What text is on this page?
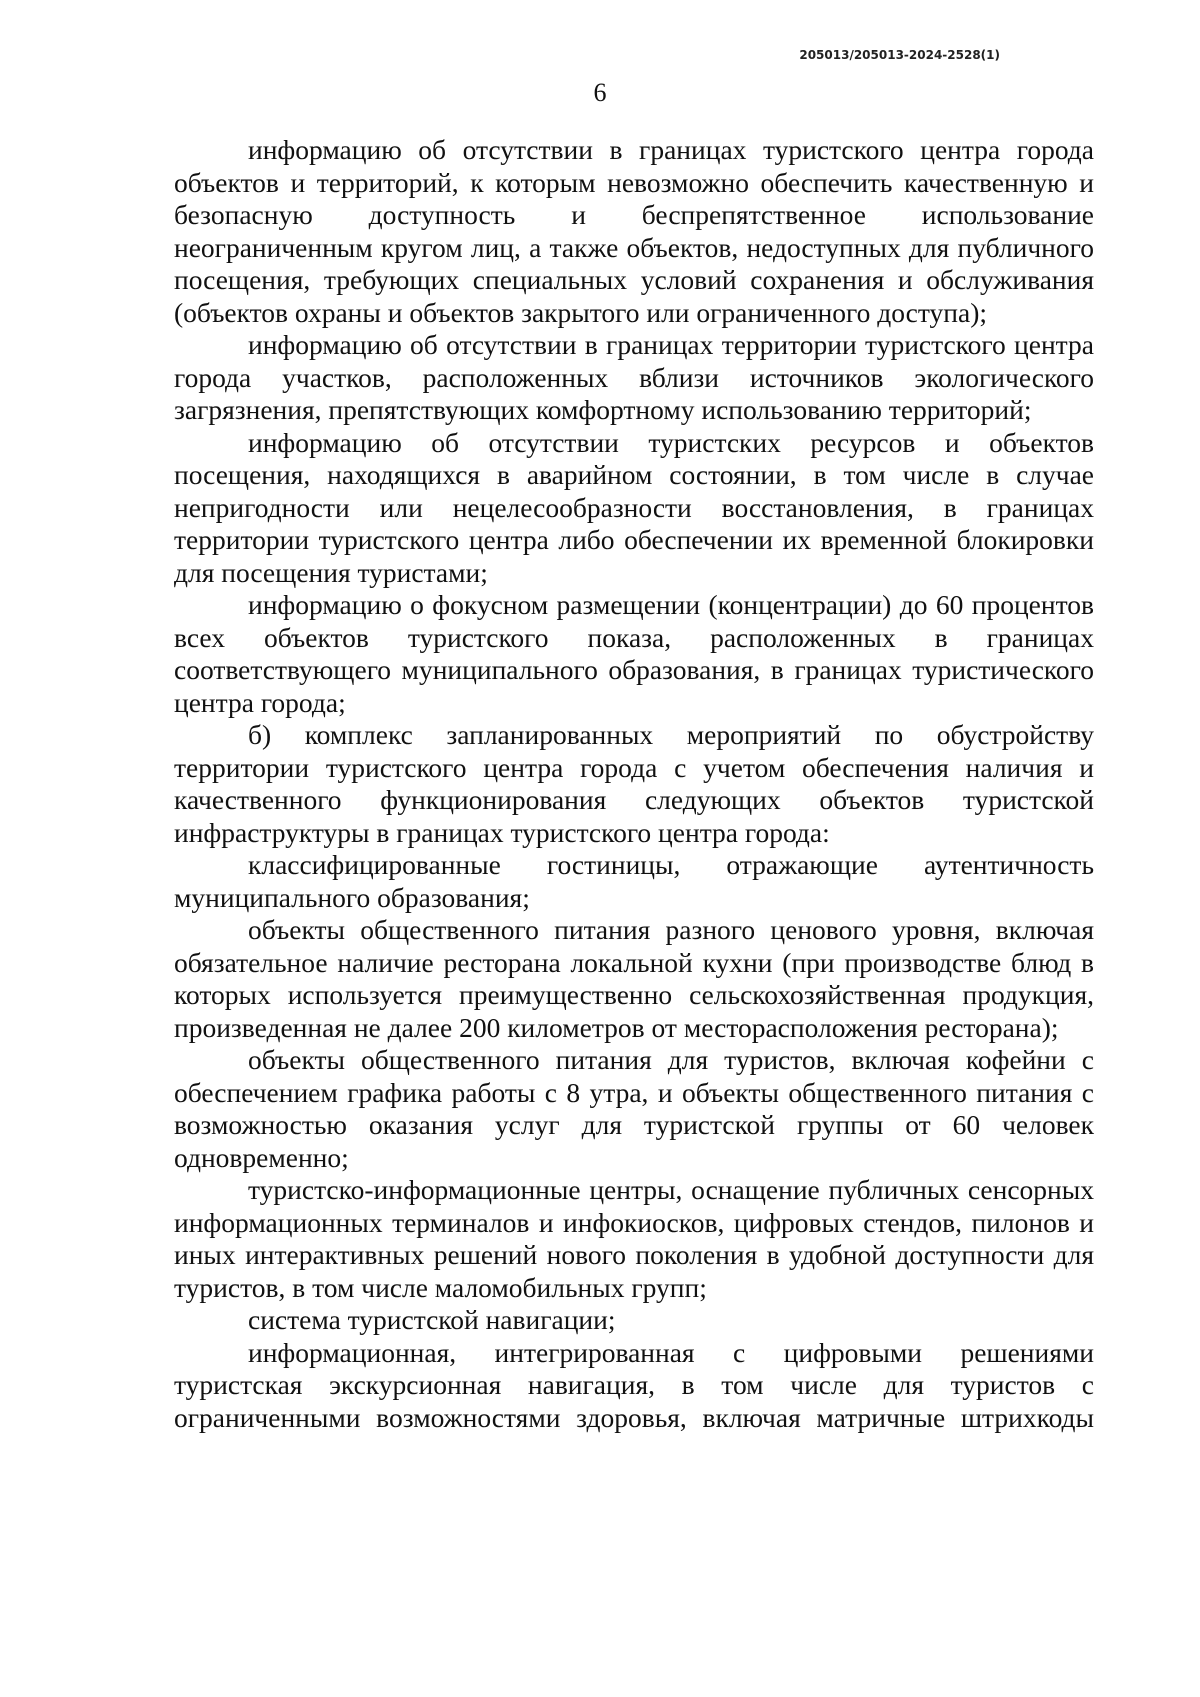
205013/205013-2024-2528(1)
6

информацию об отсутствии в границах туристского центра города объектов и территорий, к которым невозможно обеспечить качественную и безопасную доступность и беспрепятственное использование неограниченным кругом лиц, а также объектов, недоступных для публичного посещения, требующих специальных условий сохранения и обслуживания (объектов охраны и объектов закрытого или ограниченного доступа);

информацию об отсутствии в границах территории туристского центра города участков, расположенных вблизи источников экологического загрязнения, препятствующих комфортному использованию территорий;

информацию об отсутствии туристских ресурсов и объектов посещения, находящихся в аварийном состоянии, в том числе в случае непригодности или нецелесообразности восстановления, в границах территории туристского центра либо обеспечении их временной блокировки для посещения туристами;

информацию о фокусном размещении (концентрации) до 60 процентов всех объектов туристского показа, расположенных в границах соответствующего муниципального образования, в границах туристического центра города;

б) комплекс запланированных мероприятий по обустройству территории туристского центра города с учетом обеспечения наличия и качественного функционирования следующих объектов туристской инфраструктуры в границах туристского центра города:

классифицированные гостиницы, отражающие аутентичность муниципального образования;

объекты общественного питания разного ценового уровня, включая обязательное наличие ресторана локальной кухни (при производстве блюд в которых используется преимущественно сельскохозяйственная продукция, произведенная не далее 200 километров от месторасположения ресторана);

объекты общественного питания для туристов, включая кофейни с обеспечением графика работы с 8 утра, и объекты общественного питания с возможностью оказания услуг для туристской группы от 60 человек одновременно;

туристско-информационные центры, оснащение публичных сенсорных информационных терминалов и инфокиосков, цифровых стендов, пилонов и иных интерактивных решений нового поколения в удобной доступности для туристов, в том числе маломобильных групп;

система туристской навигации;

информационная, интегрированная с цифровыми решениями туристская экскурсионная навигация, в том числе для туристов с ограниченными возможностями здоровья, включая матричные штрихкоды
